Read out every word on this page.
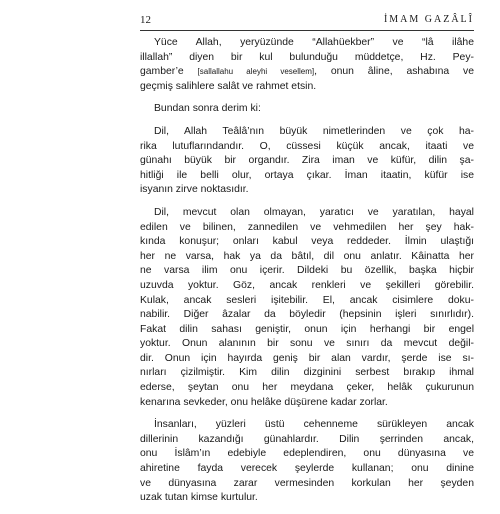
12	İMAM GAZÂLÎ
Yüce Allah, yeryüzünde “Allahüekber” ve “lâ ilâhe
illallah” diyen bir kul bulunduğu müddetçe, Hz. Pey-
gamber’e [sallallahu aleyhi vesellem], onun âline, ashabına ve
geçmiş salihlere salât ve rahmet etsin.
Bundan sonra derim ki:
Dil, Allah Teâlâ’nın büyük nimetlerinden ve çok ha-
rika lutuflarındandır. O, cüssesi küçük ancak, itaati ve
günahı büyük bir organdır. Zira iman ve küfür, dilin şa-
hitliği ile belli olur, ortaya çıkar. İman itaatin, küfür ise
isyanın zirve noktasıdır.
Dil, mevcut olan olmayan, yaratıcı ve yaratılan, hayal
edilen ve bilinen, zannedilen ve vehmedilen her şey hak-
kında konuşur; onları kabul veya reddeder. İlmin ulaştığı
her ne varsa, hak ya da bâtıl, dil onu anlatır. Kâinatta her
ne varsa ilim onu içerir. Dildeki bu özellik, başka hiçbir
uzuvda yoktur. Göz, ancak renkleri ve şekilleri görebilir.
Kulak, ancak sesleri işitebilir. El, ancak cisimlere doku-
nabilir. Diğer âzalar da böyledir (hepsinin işleri sınırlıdır).
Fakat dilin sahası geniştir, onun için herhangi bir engel
yoktur. Onun alanının bir sonu ve sınırı da mevcut değil-
dir. Onun için hayırda geniş bir alan vardır, şerde ise sı-
nırları çizilmiştir. Kim dilin dizginini serbest bırakıp ihmal
ederse, şeytan onu her meydana çeker, helâk çukurunun
kenarına sevkeder, onu helâke düşürene kadar zorlar.
İnsanları, yüzleri üstü cehenneme sürükleyen ancak
dillerinin kazandığı günahlardır. Dilin şerrinden ancak,
onu İslâm’ın edebiyle edeplendiren, onu dünyasına ve
ahiretine fayda verecek şeylerde kullanan; onu dinine
ve dünyasına zarar vermesinden korkulan her şeyden
uzak tutan kimse kurtulur.
